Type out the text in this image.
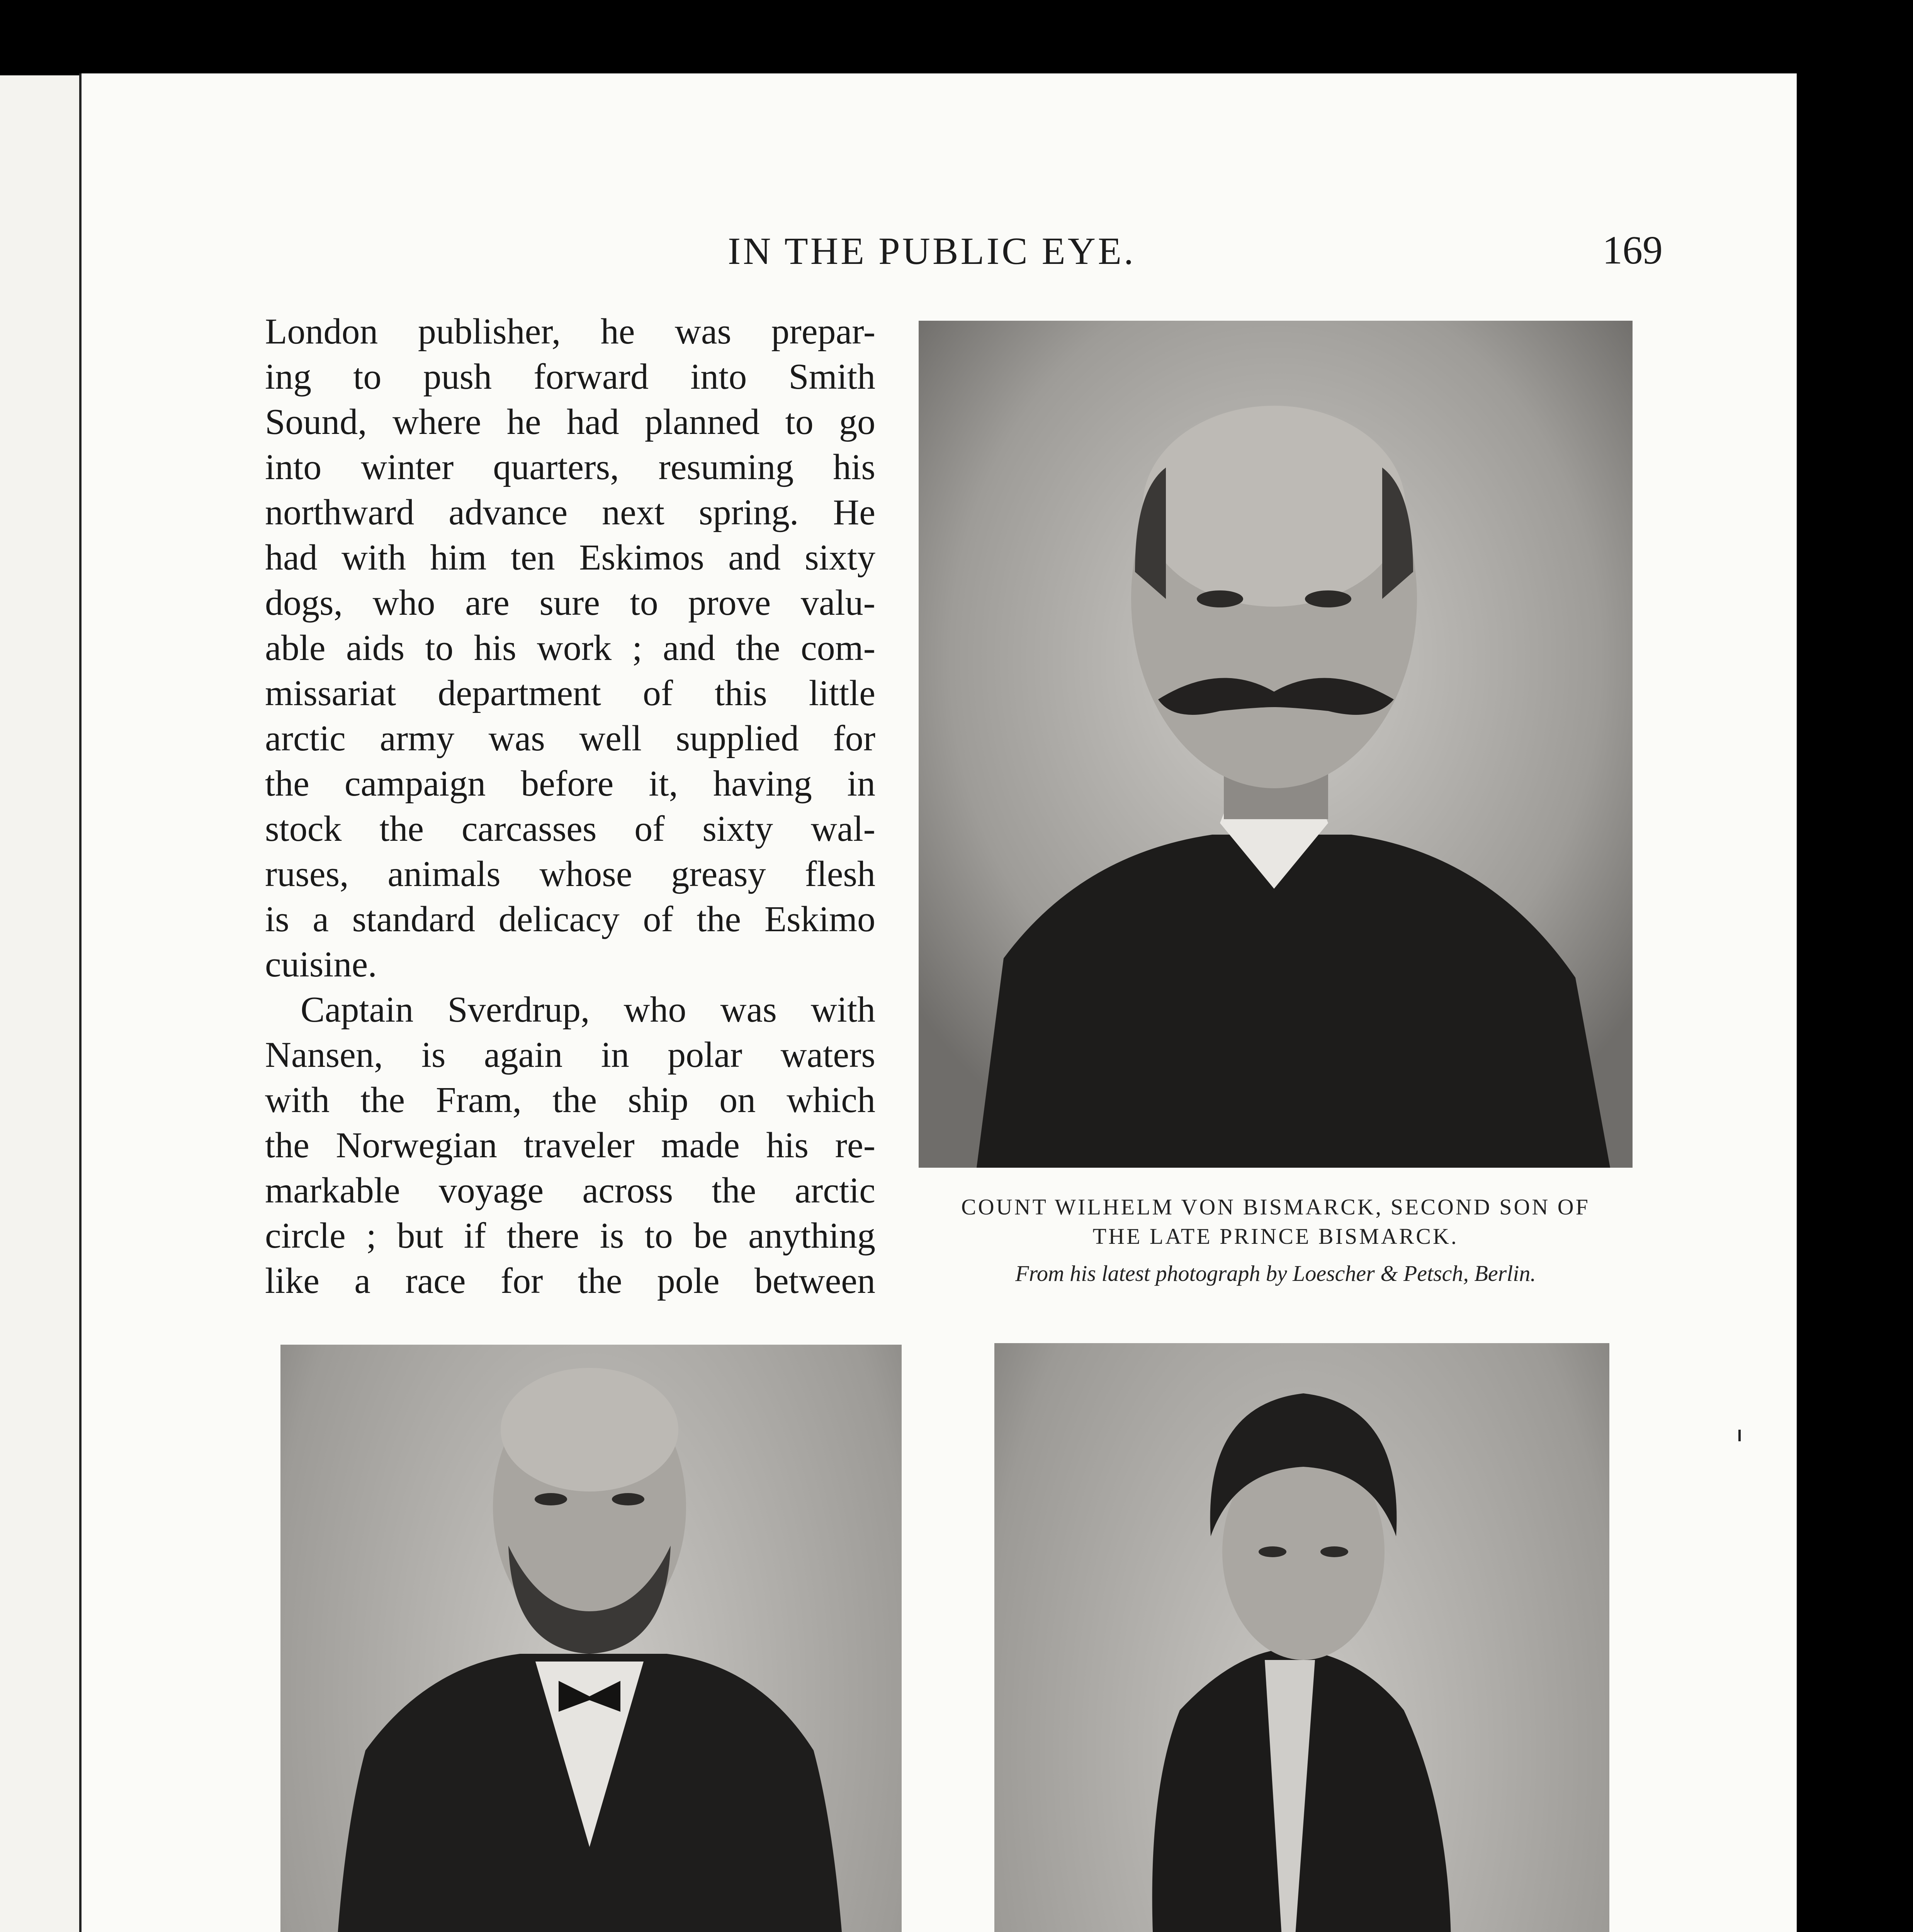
IN THE PUBLIC EYE.	169
London publisher, he was prepar-
ing to push forward into Smith
Sound, where he had planned to go
into winter quarters, resuming his
northward advance next spring. He
had with him ten Eskimos and sixty
dogs, who are sure to prove valu-
able aids to his work ; and the com-
missariat department of this little
arctic army was well supplied for
the campaign before it, having in
stock the carcasses of sixty wal-
ruses, animals whose greasy flesh
is a standard delicacy of the Eskimo
cuisine.
Captain Sverdrup, who was with
Nansen, is again in polar waters
with the Fram, the ship on which
the Norwegian traveler made his re-
markable voyage across the arctic
circle ; but if there is to be anything
like a race for the pole between
COUNT WILHELM VON BISMARCK, SECOND SON OF
THE LATE PRINCE BISMARCK.
From his latest photograph by Loescher & Petsch, Berlin.
